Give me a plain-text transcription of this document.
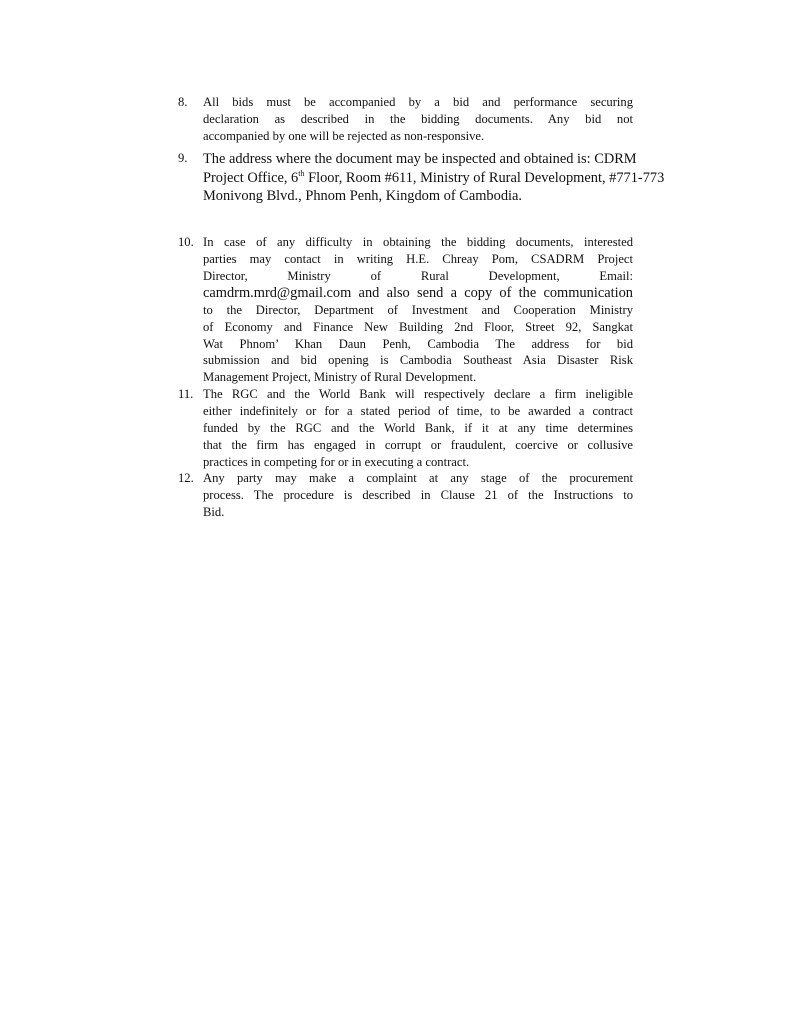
8.	All bids must be accompanied by a bid and performance securing
declaration as described in the bidding documents. Any bid not
accompanied by one will be rejected as non-responsive.
9.	The address where the document may be inspected and obtained is: CDRM
Project Office, 6th Floor, Room #611, Ministry of Rural Development, #771-773
Monivong Blvd., Phnom Penh, Kingdom of Cambodia.
10. In case of any difficulty in obtaining the bidding documents, interested
parties may contact in writing H.E. Chreay Pom, CSADRM Project
Director, Ministry of Rural Development, Email:
camdrm.mrd@gmail.com and also send a copy of the communication
to the Director, Department of Investment and Cooperation Ministry
of Economy and Finance New Building 2nd Floor, Street 92, Sangkat
Wat Phnom’ Khan Daun Penh, Cambodia The address for bid
submission and bid opening is Cambodia Southeast Asia Disaster Risk
Management Project, Ministry of Rural Development.
11. The RGC and the World Bank will respectively declare a firm ineligible
either indefinitely or for a stated period of time, to be awarded a contract
funded by the RGC and the World Bank, if it at any time determines
that the firm has engaged in corrupt or fraudulent, coercive or collusive
practices in competing for or in executing a contract.
12. Any party may make a complaint at any stage of the procurement
process. The procedure is described in Clause 21 of the Instructions to
Bid.
